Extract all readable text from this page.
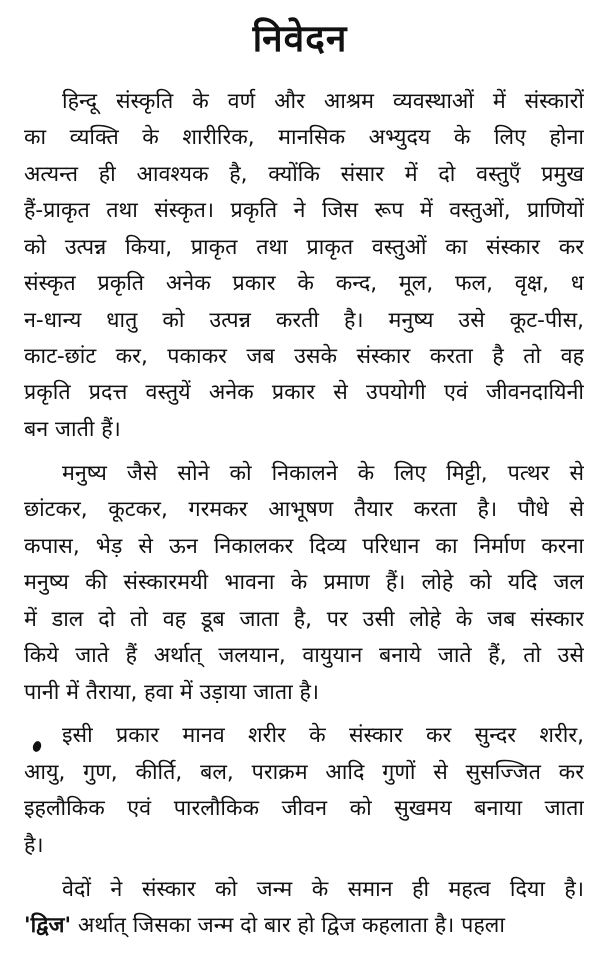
निवेदन
हिन्दू संस्कृति के वर्ण और आश्रम व्यवस्थाओं में संस्कारों
का व्यक्ति के शारीरिक, मानसिक अभ्युदय के लिए होना
अत्यन्त ही आवश्यक है, क्योंकि संसार में दो वस्तुएँ प्रमुख
हैं-प्राकृत तथा संस्कृत। प्रकृति ने जिस रूप में वस्तुओं, प्राणियों
को उत्पन्न किया, प्राकृत तथा प्राकृत वस्तुओं का संस्कार कर
संस्कृत प्रकृति अनेक प्रकार के कन्द, मूल, फल, वृक्ष, ध
न-धान्य धातु को उत्पन्न करती है। मनुष्य उसे कूट-पीस,
काट-छांट कर, पकाकर जब उसके संस्कार करता है तो वह
प्रकृति प्रदत्त वस्तुयें अनेक प्रकार से उपयोगी एवं जीवनदायिनी
बन जाती हैं।
मनुष्य जैसे सोने को निकालने के लिए मिट्टी, पत्थर से
छांटकर, कूटकर, गरमकर आभूषण तैयार करता है। पौधे से
कपास, भेड़ से ऊन निकालकर दिव्य परिधान का निर्माण करना
मनुष्य की संस्कारमयी भावना के प्रमाण हैं। लोहे को यदि जल
में डाल दो तो वह डूब जाता है, पर उसी लोहे के जब संस्कार
किये जाते हैं अर्थात् जलयान, वायुयान बनाये जाते हैं, तो उसे
पानी में तैराया, हवा में उड़ाया जाता है।
इसी प्रकार मानव शरीर के संस्कार कर सुन्दर शरीर,
आयु, गुण, कीर्ति, बल, पराक्रम आदि गुणों से सुसज्जित कर
इहलौकिक एवं पारलौकिक जीवन को सुखमय बनाया जाता
है।
वेदों ने संस्कार को जन्म के समान ही महत्व दिया है।
'द्विज' अर्थात् जिसका जन्म दो बार हो द्विज कहलाता है। पहला
